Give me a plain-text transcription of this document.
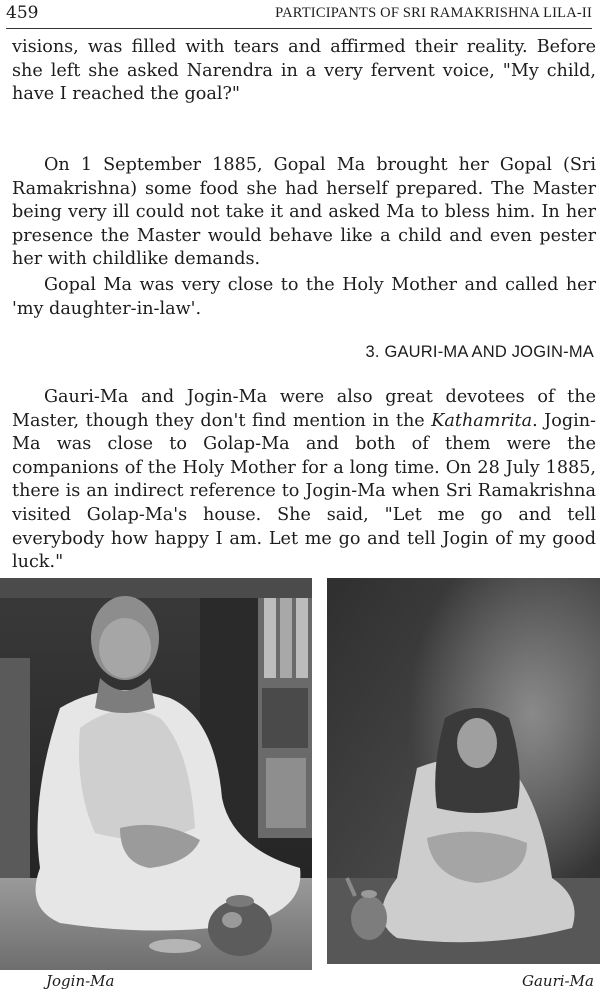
459	PARTICIPANTS OF SRI RAMAKRISHNA LILA-II

visions, was filled with tears and affirmed their reality. Before she left she asked Narendra in a very fervent voice, "My child, have I reached the goal?"

On 1 September 1885, Gopal Ma brought her Gopal (Sri Ramakrishna) some food she had herself prepared. The Master being very ill could not take it and asked Ma to bless him. In her presence the Master would behave like a child and even pester her with childlike demands.

Gopal Ma was very close to the Holy Mother and called her 'my daughter-in-law'.

3. GAURI-MA AND JOGIN-MA

Gauri-Ma and Jogin-Ma were also great devotees of the Master, though they don't find mention in the Kathamrita. Jogin-Ma was close to Golap-Ma and both of them were the companions of the Holy Mother for a long time. On 28 July 1885, there is an indirect reference to Jogin-Ma when Sri Ramakrishna visited Golap-Ma's house. She said, "Let me go and tell everybody how happy I am. Let me go and tell Jogin of my good luck."

Jogin-Ma	Gauri-Ma
